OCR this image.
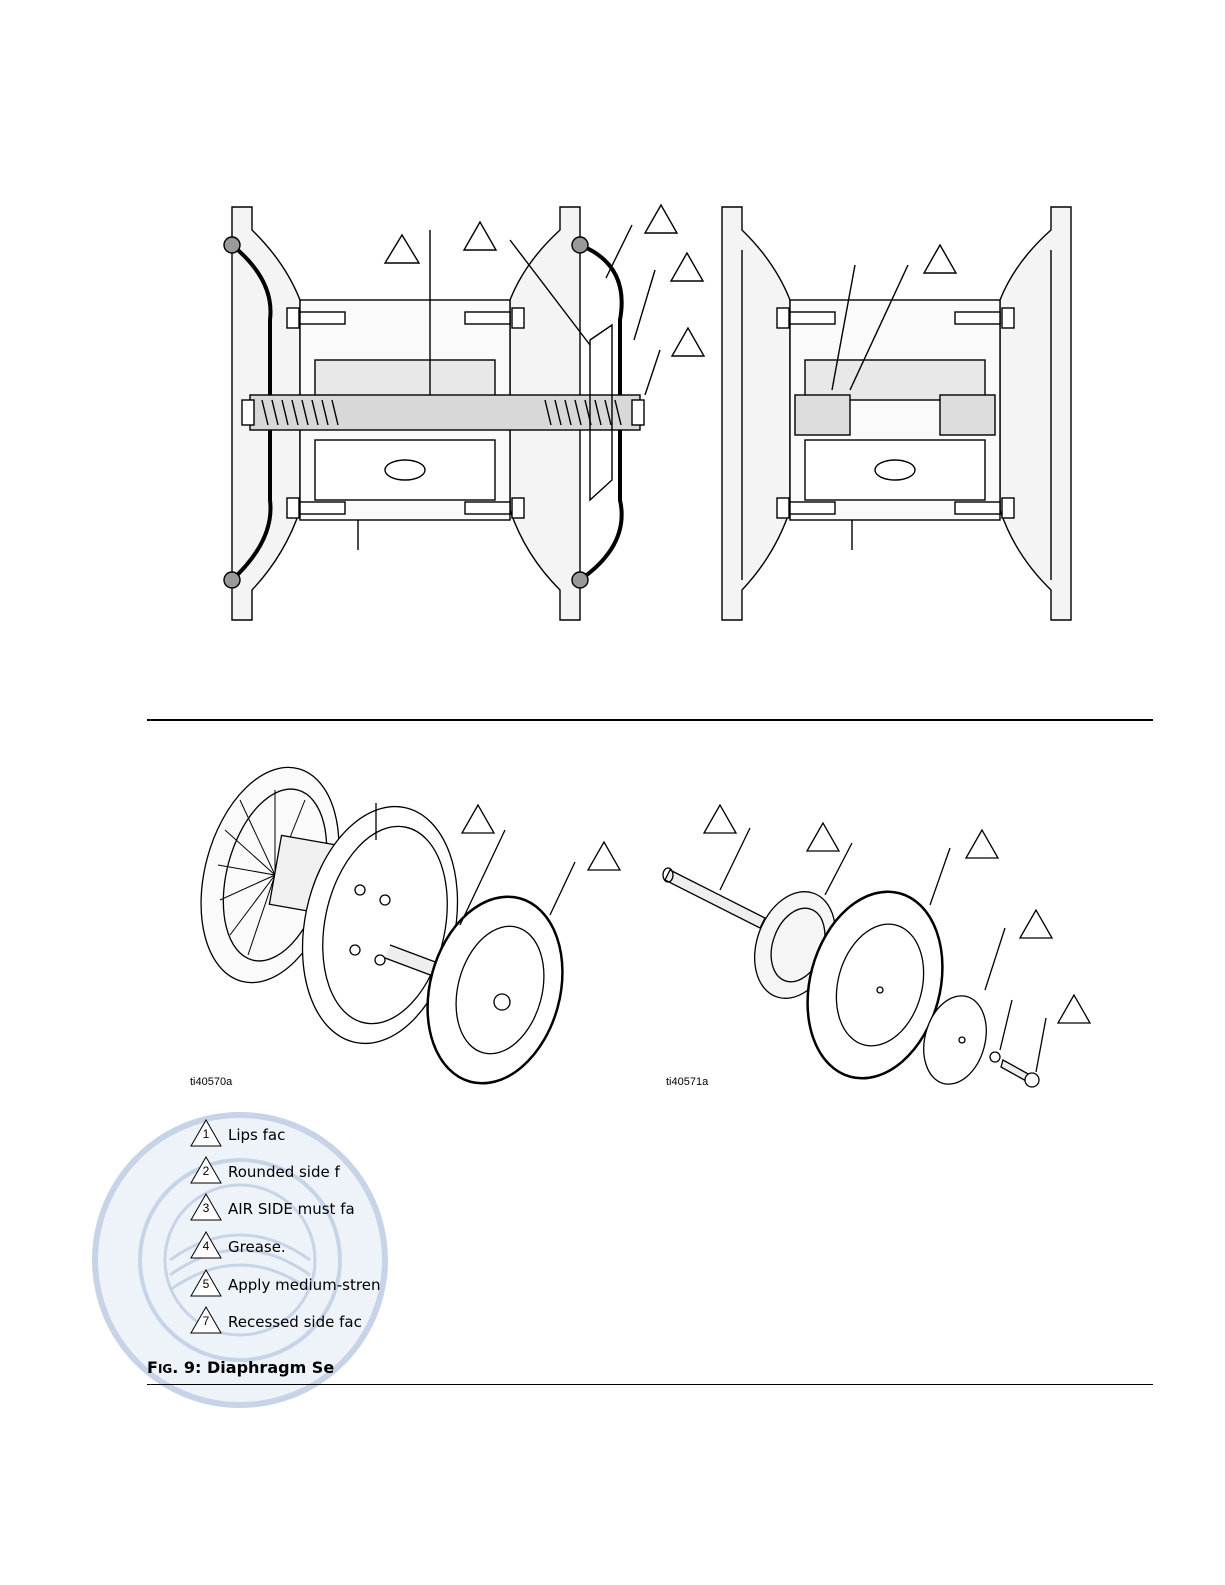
ti40570a	ti40571a
1 Lips fac
2 Rounded side f
3 AIR SIDE must fa
4 Grease.
5 Apply medium-stren
7 Recessed side fac
FIG. 9: Diaphragm Se
